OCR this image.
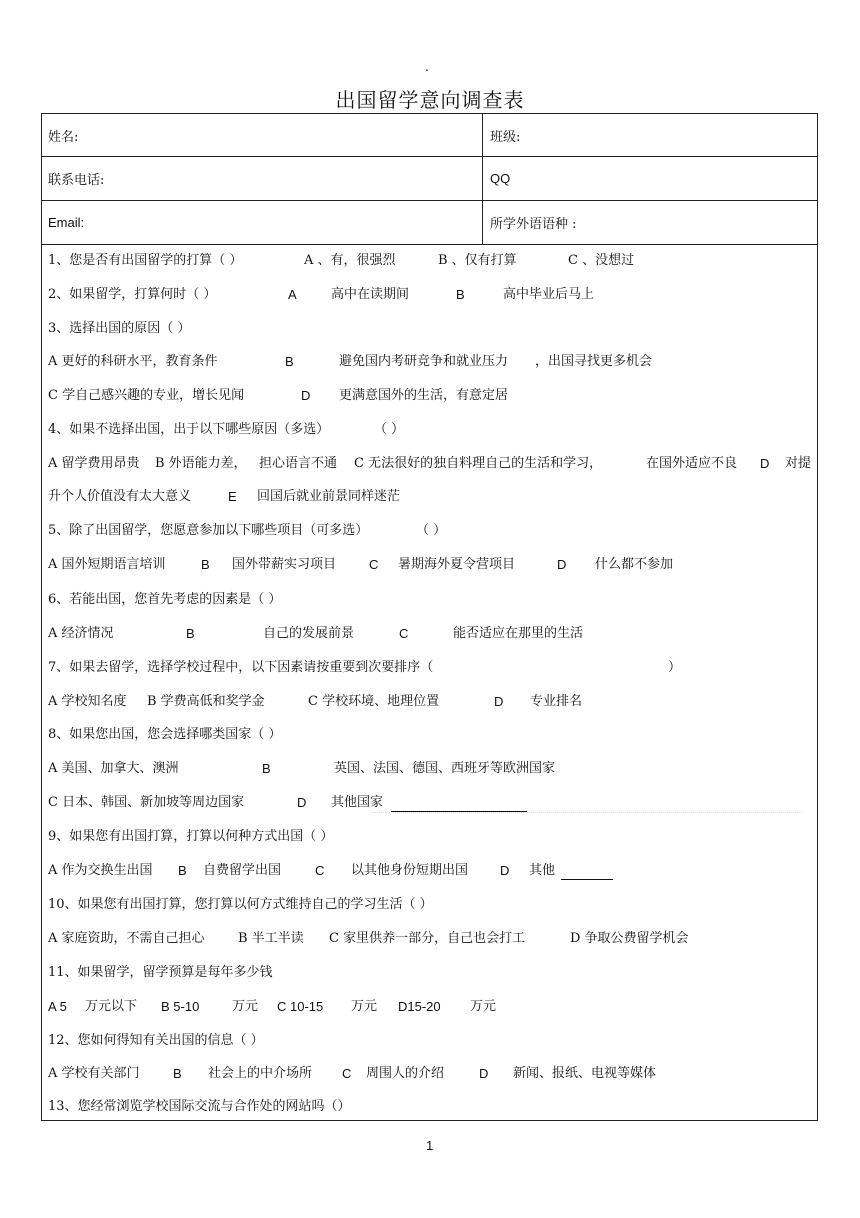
.
出国留学意向调查表
姓名:	班级:
联系电话:	QQ
Email:	所学外语语种 :
1、您是否有出国留学的打算（ ）	A 、有，很强烈	B 、仅有打算	C 、没想过
2、如果留学，打算何时（ ）	A	高中在读期间	B	高中毕业后马上
3、选择出国的原因（ ）
A 更好的科研水平，教育条件	B	避免国内考研竞争和就业压力 ，出国寻找更多机会
C 学自己感兴趣的专业，增长见闻	D 更满意国外的生活，有意定居
4、如果不选择出国，出于以下哪些原因（多选）	（ ）
A 留学费用昂贵 B 外语能力差， 担心语言不通 C 无法很好的独自料理自己的生活和学习，	在国外适应不良 D 对提
升个人价值没有太大意义	E 回国后就业前景同样迷茫
5、除了出国留学，您愿意参加以下哪些项目（可多选）	（ ）
A 国外短期语言培训	B 国外带薪实习项目	C 暑期海外夏令营项目	D 什么都不参加
6、若能出国，您首先考虑的因素是（ ）
A 经济情况	B	自己的发展前景	C	能否适应在那里的生活
7、如果去留学，选择学校过程中，以下因素请按重要到次要排序（	）
A 学校知名度 B 学费高低和奖学金	C 学校环境、地理位置	D 专业排名
8、如果您出国，您会选择哪类国家（ ）
A 美国、加拿大、澳洲	B	英国、法国、德国、西班牙等欧洲国家
C 日本、韩国、新加坡等周边国家	D 其他国家
9、如果您有出国打算，打算以何种方式出国（ ）
A 作为交换生出国 B 自费留学出国	C 以其他身份短期出国 D 其他
10、如果您有出国打算，您打算以何方式维持自己的学习生活（ ）
A 家庭资助，不需自己担心	B 半工半读 C 家里供养一部分，自己也会打工	D 争取公费留学机会
11、如果留学，留学预算是每年多少钱
A 5 万元以下 B 5-10	万元 C 10-15 万元 D15-20 万元
12、您如何得知有关出国的信息（ ）
A 学校有关部门	B 社会上的中介场所 C 周围人的介绍	D 新闻、报纸、电视等媒体
13、您经常浏览学校国际交流与合作处的网站吗（）
1
